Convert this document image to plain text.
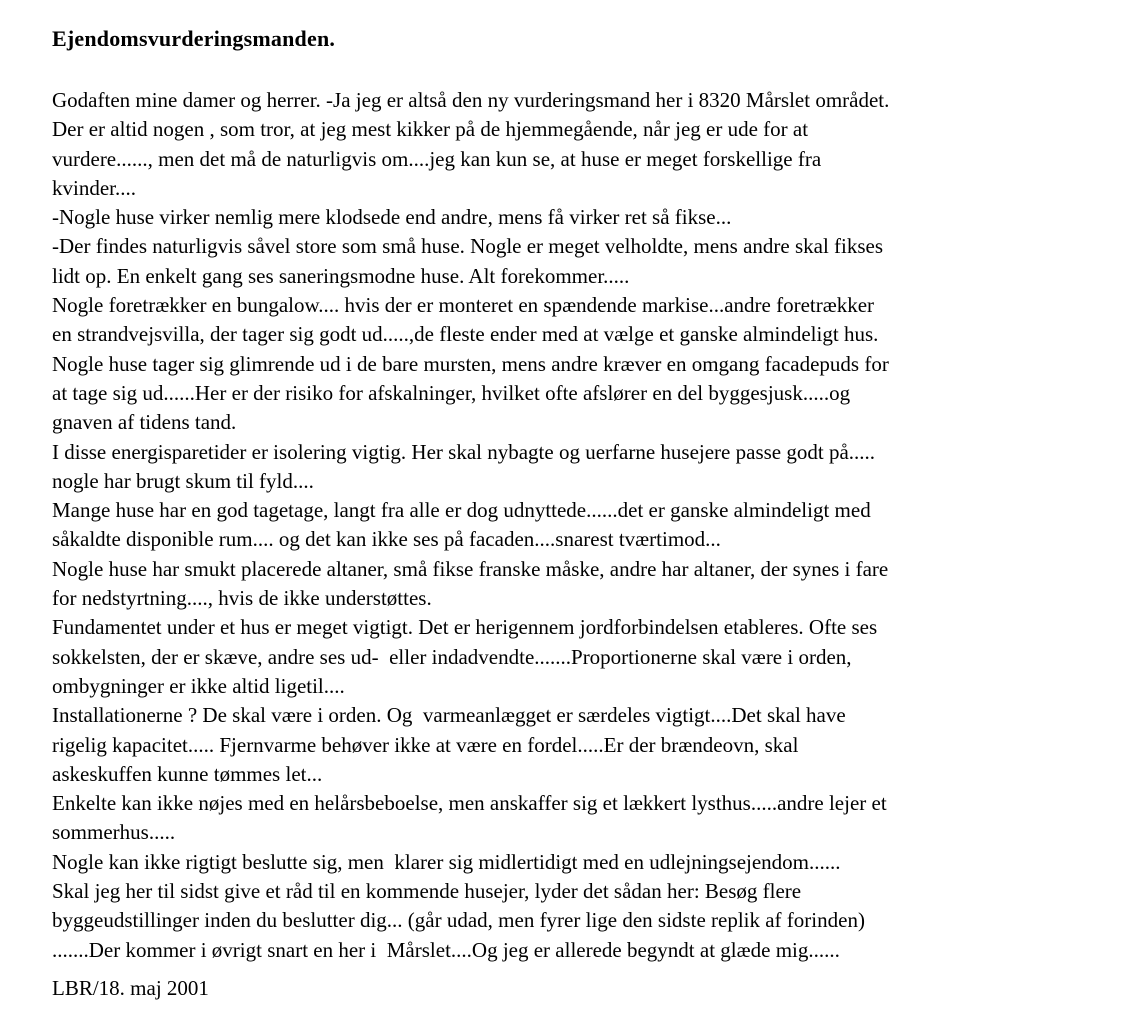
Ejendomsvurderingsmanden.
Godaften mine damer og herrer. -Ja jeg er altså den ny vurderingsmand her i 8320 Mårslet området.
Der er altid nogen , som tror, at jeg mest kikker på de hjemmegående, når jeg er ude for at
vurdere......, men det må de naturligvis om....jeg kan kun se, at huse er meget forskellige fra
kvinder....
-Nogle huse virker nemlig mere klodsede end andre, mens få virker ret så fikse...
-Der findes naturligvis såvel store som små huse. Nogle er meget velholdte, mens andre skal fikses
lidt op. En enkelt gang ses saneringsmodne huse. Alt forekommer.....
Nogle foretrækker en bungalow.... hvis der er monteret en spændende markise...andre foretrækker
en strandvejsvilla, der tager sig godt ud.....,de fleste ender med at vælge et ganske almindeligt hus.
Nogle huse tager sig glimrende ud i de bare mursten, mens andre kræver en omgang facadepuds for
at tage sig ud......Her er der risiko for afskalninger, hvilket ofte afslører en del byggesjusk.....og
gnaven af tidens tand.
I disse energisparetider er isolering vigtig. Her skal nybagte og uerfarne husejere passe godt på.....
nogle har brugt skum til fyld....
Mange huse har en god tagetage, langt fra alle er dog udnyttede......det er ganske almindeligt med
såkaldte disponible rum.... og det kan ikke ses på facaden....snarest tværtimod...
Nogle huse har smukt placerede altaner, små fikse franske måske, andre har altaner, der synes i fare
for nedstyrtning...., hvis de ikke understøttes.
Fundamentet under et hus er meget vigtigt. Det er herigennem jordforbindelsen etableres. Ofte ses
sokkelsten, der er skæve, andre ses ud-  eller indadvendte.......Proportionerne skal være i orden,
ombygninger er ikke altid ligetil....
Installationerne ? De skal være i orden. Og  varmeanlægget er særdeles vigtigt....Det skal have
rigelig kapacitet..... Fjernvarme behøver ikke at være en fordel.....Er der brændeovn, skal
askeskuffen kunne tømmes let...
Enkelte kan ikke nøjes med en helårsbeboelse, men anskaffer sig et lækkert lysthus.....andre lejer et
sommerhus.....
Nogle kan ikke rigtigt beslutte sig, men  klarer sig midlertidigt med en udlejningsejendom......
Skal jeg her til sidst give et råd til en kommende husejer, lyder det sådan her: Besøg flere
byggeudstillinger inden du beslutter dig... (går udad, men fyrer lige den sidste replik af forinden)
.......Der kommer i øvrigt snart en her i  Mårslet....Og jeg er allerede begyndt at glæde mig......
LBR/18. maj 2001
